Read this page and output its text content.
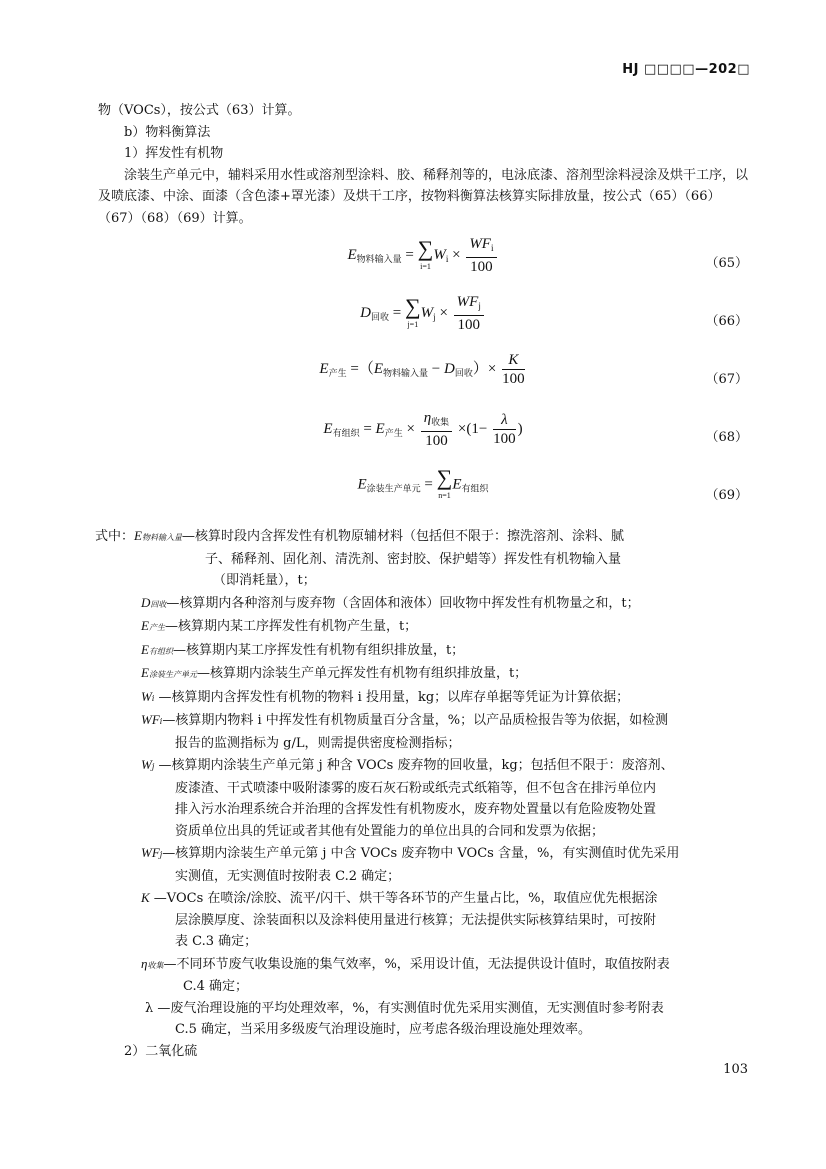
HJ □□□□—202□

物（VOCs），按公式（63）计算。

b）物料衡算法

1）挥发性有机物

涂装生产单元中，辅料采用水性或溶剂型涂料、胶、稀释剂等的，电泳底漆、溶剂型涂料浸涂及烘干工序，以及喷底漆、中涂、面漆（含色漆+罩光漆）及烘干工序，按物料衡算法核算实际排放量，按公式（65）（66）（67）（68）（69）计算。

$E_{物料输入量}$ = ∑
i=1
$W_i \times \frac{WF_i}{100}$	（65）
$D_{回收}$ = ∑
j=1
$W_j \times \frac{WF_j}{100}$	（66）
$E_{产生} =(E_{物料输入量} - D_{回收})\times \frac{K}{100}$	（67）
$E_{有组织} = E_{产生} \times \frac{\eta_{收集}}{100} \times(1- \frac{\lambda}{100}$ )
（68）
$E_{涂装生产单元}$ = ∑
n=1
$E_{有组织}$	（69）

式中：E物料输入量—核算时段内含挥发性有机物原辅材料（包括但不限于：擦洗溶剂、涂料、腻

子、稀释剂、固化剂、清洗剂、密封胶、保护蜡等）挥发性有机物输入量

（即消耗量），t；

D回收—核算期内各种溶剂与废弃物（含固体和液体）回收物中挥发性有机物量之和，t；

E产生—核算期内某工序挥发性有机物产生量，t；

E有组织—核算期内某工序挥发性有机物有组织排放量，t；

E涂装生产单元—核算期内涂装生产单元挥发性有机物有组织排放量，t；

Wi —核算期内含挥发性有机物的物料 i 投用量，kg；以库存单据等凭证为计算依据；

WFi—核算期内物料 i 中挥发性有机物质量百分含量，%；以产品质检报告等为依据，如检测

报告的监测指标为 g/L，则需提供密度检测指标；

Wj —核算期内涂装生产单元第 j 种含 VOCs 废弃物的回收量，kg；包括但不限于：废溶剂、

废漆渣、干式喷漆中吸附漆雾的废石灰石粉或纸壳式纸箱等，但不包含在排污单位内

排入污水治理系统合并治理的含挥发性有机物废水，废弃物处置量以有危险废物处置

资质单位出具的凭证或者其他有处置能力的单位出具的合同和发票为依据；

WFj—核算期内涂装生产单元第 j 中含 VOCs 废弃物中 VOCs 含量，%，有实测值时优先采用

实测值，无实测值时按附表 C.2 确定；

K —VOCs 在喷涂/涂胶、流平/闪干、烘干等各环节的产生量占比，%，取值应优先根据涂

层涂膜厚度、涂装面积以及涂料使用量进行核算；无法提供实际核算结果时，可按附

表 C.3 确定；

η收集—不同环节废气收集设施的集气效率，%，采用设计值，无法提供设计值时，取值按附表

C.4 确定；

λ —废气治理设施的平均处理效率，%，有实测值时优先采用实测值，无实测值时参考附表

C.5 确定，当采用多级废气治理设施时，应考虑各级治理设施处理效率。

2）二氧化硫

103
